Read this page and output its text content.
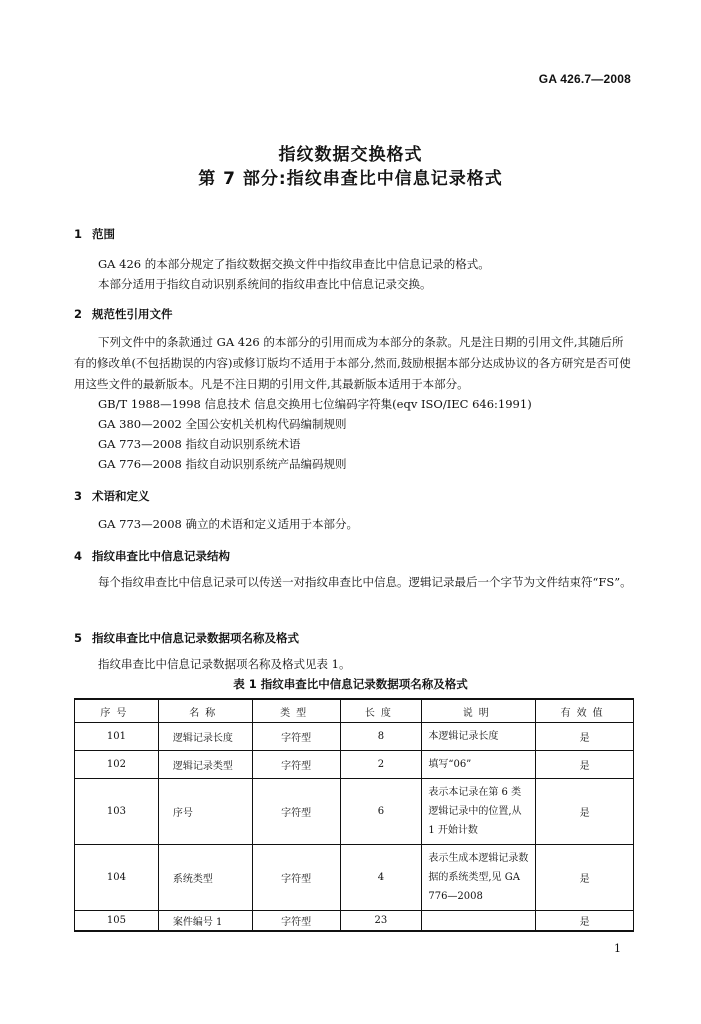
GA 426.7—2008
指纹数据交换格式
第 7 部分:指纹串查比中信息记录格式
1 范围
GA 426 的本部分规定了指纹数据交换文件中指纹串查比中信息记录的格式。
本部分适用于指纹自动识别系统间的指纹串查比中信息记录交换。
2 规范性引用文件
下列文件中的条款通过 GA 426 的本部分的引用而成为本部分的条款。凡是注日期的引用文件,其随后所有的修改单(不包括勘误的内容)或修订版均不适用于本部分,然而,鼓励根据本部分达成协议的各方研究是否可使用这些文件的最新版本。凡是不注日期的引用文件,其最新版本适用于本部分。
GB/T 1988—1998 信息技术 信息交换用七位编码字符集(eqv ISO/IEC 646:1991)
GA 380—2002 全国公安机关机构代码编制规则
GA 773—2008 指纹自动识别系统术语
GA 776—2008 指纹自动识别系统产品编码规则
3 术语和定义
GA 773—2008 确立的术语和定义适用于本部分。
4 指纹串查比中信息记录结构
每个指纹串查比中信息记录可以传送一对指纹串查比中信息。逻辑记录最后一个字节为文件结束符“FS”。
5 指纹串查比中信息记录数据项名称及格式
指纹串查比中信息记录数据项名称及格式见表 1。
表 1 指纹串查比中信息记录数据项名称及格式
序号	名称	类型	长度	说明	有效值
101	逻辑记录长度	字符型	8	本逻辑记录长度	是
102	逻辑记录类型	字符型	2	填写“06”	是
103	序号	字符型	6	表示本记录在第 6 类逻辑记录中的位置,从 1 开始计数	是
104	系统类型	字符型	4	表示生成本逻辑记录数据的系统类型,见 GA 776—2008	是
105	案件编号 1	字符型	23		是
1
